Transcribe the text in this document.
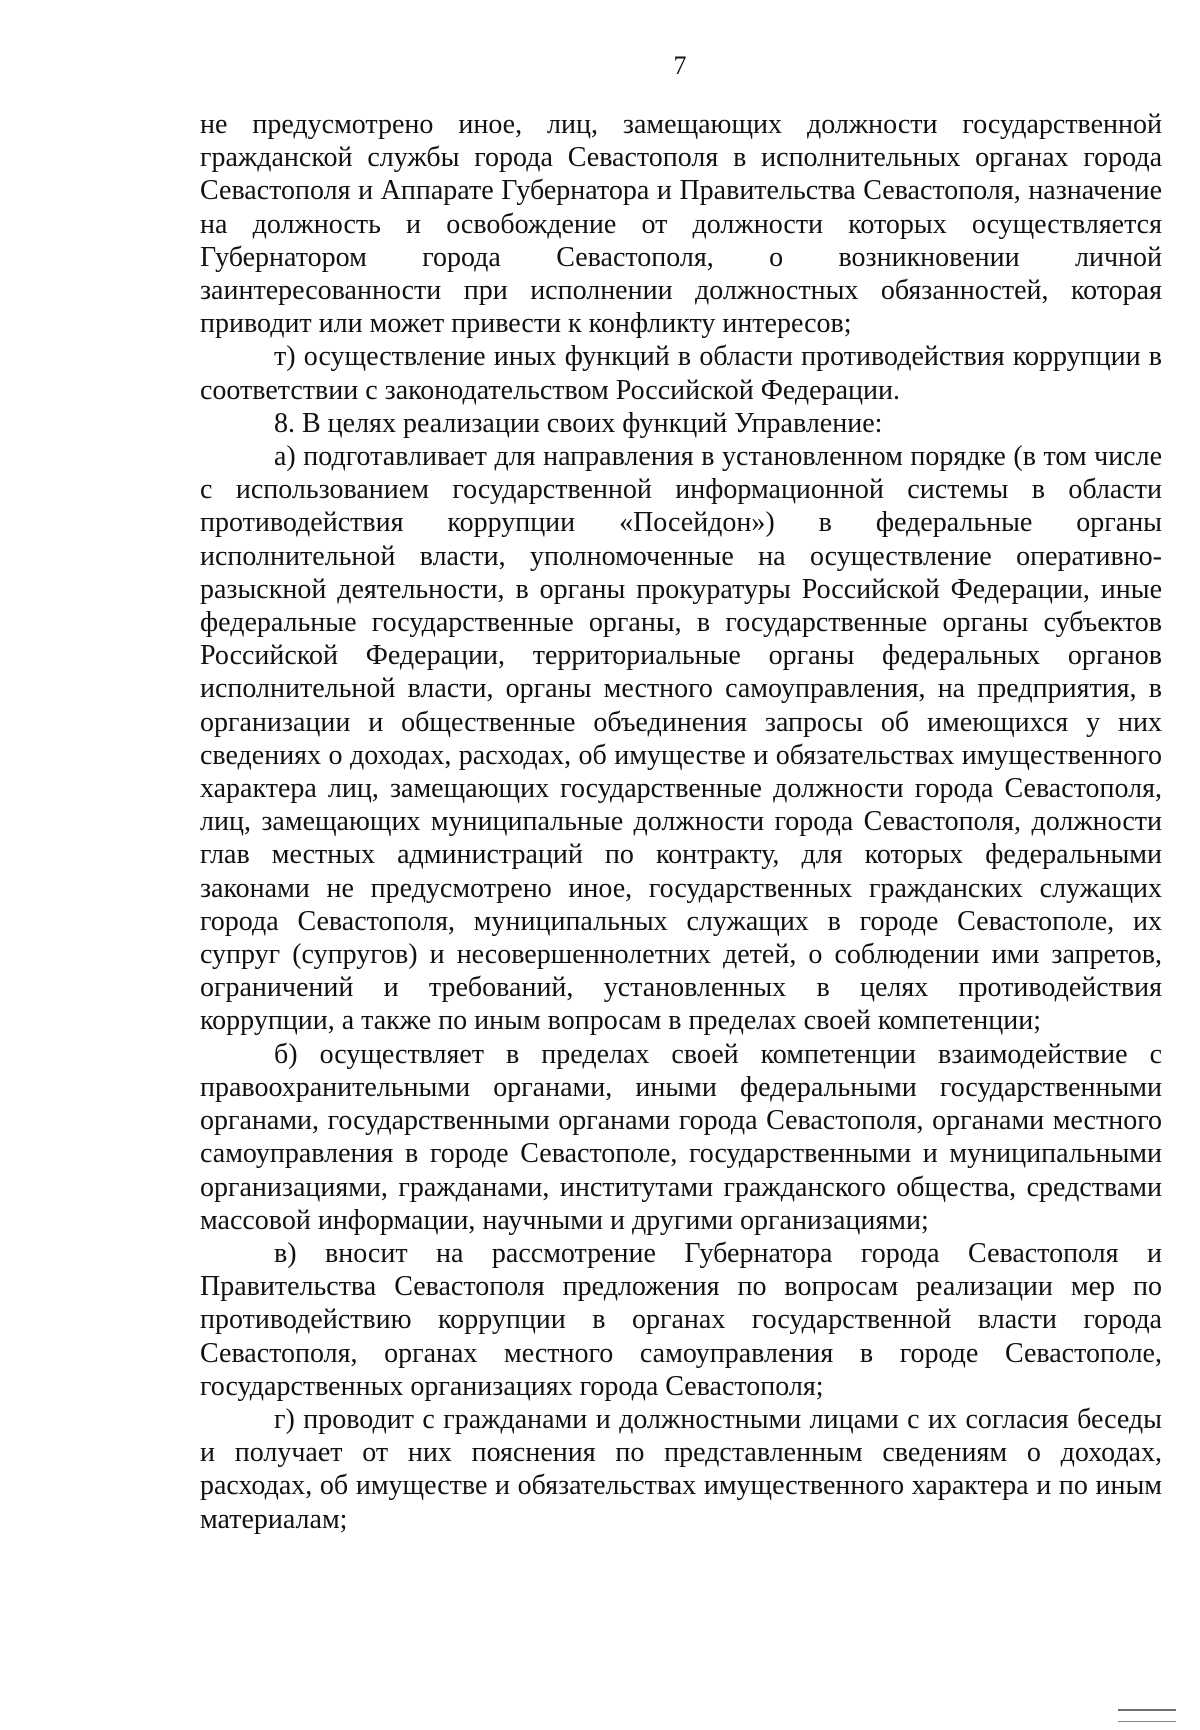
7

не предусмотрено иное, лиц, замещающих должности государственной гражданской службы города Севастополя в исполнительных органах города Севастополя и Аппарате Губернатора и Правительства Севастополя, назначение на должность и освобождение от должности которых осуществляется Губернатором города Севастополя, о возникновении личной заинтересованности при исполнении должностных обязанностей, которая приводит или может привести к конфликту интересов;

т) осуществление иных функций в области противодействия коррупции в соответствии с законодательством Российской Федерации.

8. В целях реализации своих функций Управление:

а) подготавливает для направления в установленном порядке (в том числе с использованием государственной информационной системы в области противодействия коррупции «Посейдон») в федеральные органы исполнительной власти, уполномоченные на осуществление оперативно-разыскной деятельности, в органы прокуратуры Российской Федерации, иные федеральные государственные органы, в государственные органы субъектов Российской Федерации, территориальные органы федеральных органов исполнительной власти, органы местного самоуправления, на предприятия, в организации и общественные объединения запросы об имеющихся у них сведениях о доходах, расходах, об имуществе и обязательствах имущественного характера лиц, замещающих государственные должности города Севастополя, лиц, замещающих муниципальные должности города Севастополя, должности глав местных администраций по контракту, для которых федеральными законами не предусмотрено иное, государственных гражданских служащих города Севастополя, муниципальных служащих в городе Севастополе, их супруг (супругов) и несовершеннолетних детей, о соблюдении ими запретов, ограничений и требований, установленных в целях противодействия коррупции, а также по иным вопросам в пределах своей компетенции;

б) осуществляет в пределах своей компетенции взаимодействие с правоохранительными органами, иными федеральными государственными органами, государственными органами города Севастополя, органами местного самоуправления в городе Севастополе, государственными и муниципальными организациями, гражданами, институтами гражданского общества, средствами массовой информации, научными и другими организациями;

в) вносит на рассмотрение Губернатора города Севастополя и Правительства Севастополя предложения по вопросам реализации мер по противодействию коррупции в органах государственной власти города Севастополя, органах местного самоуправления в городе Севастополе, государственных организациях города Севастополя;

г) проводит с гражданами и должностными лицами с их согласия беседы и получает от них пояснения по представленным сведениям о доходах, расходах, об имуществе и обязательствах имущественного характера и по иным материалам;
